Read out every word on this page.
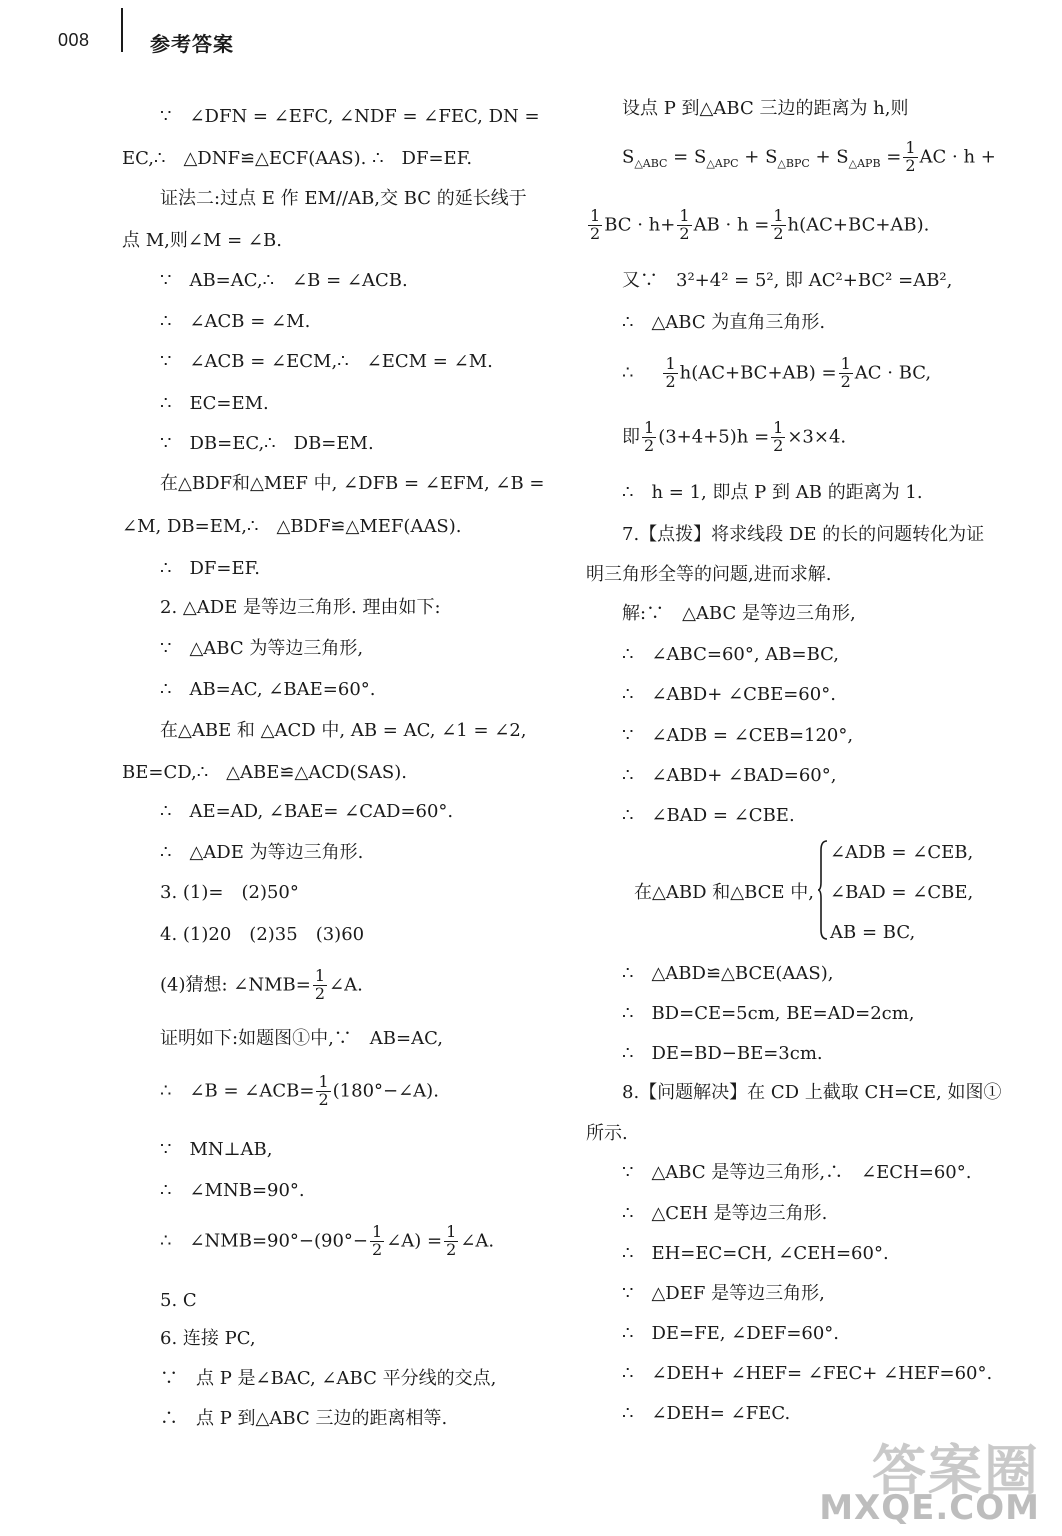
008	参考答案
∵　∠DFN = ∠EFC, ∠NDF = ∠FEC, DN =
EC,∴　△DNF≌△ECF(AAS). ∴　DF=EF.
证法二:过点 E 作 EM//AB,交 BC 的延长线于
点 M,则∠M = ∠B.
∵　AB=AC,∴　∠B = ∠ACB.
∴　∠ACB = ∠M.
∵　∠ACB = ∠ECM,∴　∠ECM = ∠M.
∴　EC=EM.
∵　DB=EC,∴　DB=EM.
在△BDF和△MEF 中, ∠DFB = ∠EFM, ∠B =
∠M, DB=EM,∴　△BDF≌△MEF(AAS).
∴　DF=EF.
2. △ADE 是等边三角形. 理由如下:
∵　△ABC 为等边三角形,
∴　AB=AC, ∠BAE=60°.
在△ABE 和 △ACD 中, AB = AC, ∠1 = ∠2,
BE=CD,∴　△ABE≌△ACD(SAS).
∴　AE=AD, ∠BAE= ∠CAD=60°.
∴　△ADE 为等边三角形.
3. (1)=　(2)50°
4. (1)20　(2)35　(3)60
(4)猜想: ∠NMB= $\frac{1}{2}$ ∠A.
证明如下:如题图①中,∵　AB=AC,
∴　∠B = ∠ACB= $\frac{1}{2}$ (180°−∠A).
∵　MN⊥AB,
∴　∠MNB=90°.
∴　∠NMB=90°−(90°− $\frac{1}{2}$ ∠A) = $\frac{1}{2}$ ∠A.
5. C
6. 连接 PC,
∵　点 P 是∠BAC, ∠ABC 平分线的交点,
∴　点 P 到△ABC 三边的距离相等.
设点 P 到△ABC 三边的距离为 h,则
$S_{\triangle ABC} = S_{\triangle APC} + S_{\triangle BPC} + S_{\triangle APB} = \frac{1}{2}$ AC · h +
$\frac{1}{2}$ BC · $h+ \frac{1}{2}$ AB · $h = \frac{1}{2} h(AC+BC+AB)$.
又∵　3²+4² = 5², 即 AC²+BC² =AB²,
∴　△ABC 为直角三角形.
∴ $\frac{1}{2} h(AC+BC+AB) = \frac{1}{2}$ AC · BC,
即 $\frac{1}{2} (3+4+5)h = \frac{1}{2} \times 3\times 4$.
∴　h = 1, 即点 P 到 AB 的距离为 1.
7.【点拨】将求线段 DE 的长的问题转化为证
明三角形全等的问题,进而求解.
解:∵　△ABC 是等边三角形,
∴　∠ABC=60°, AB=BC,
∴　∠ABD+ ∠CBE=60°.
∵　∠ADB = ∠CEB=120°,
∴　∠ABD+ ∠BAD=60°,
∴　∠BAD = ∠CBE.
在△ABD 和△BCE 中,
∠ADB = ∠CEB,
∠BAD = ∠CBE,
AB = BC,
∴　△ABD≌△BCE(AAS),
∴　BD=CE=5cm, BE=AD=2cm,
∴　DE=BD−BE=3cm.
8.【问题解决】在 CD 上截取 CH=CE, 如图①
所示.
∵　△ABC 是等边三角形,∴　∠ECH=60°.
∴　△CEH 是等边三角形.
∴　EH=EC=CH, ∠CEH=60°.
∵　△DEF 是等边三角形,
∴　DE=FE, ∠DEF=60°.
∴　∠DEH+ ∠HEF= ∠FEC+ ∠HEF=60°.
∴　∠DEH= ∠FEC.
答案圈
MXQE.COM
